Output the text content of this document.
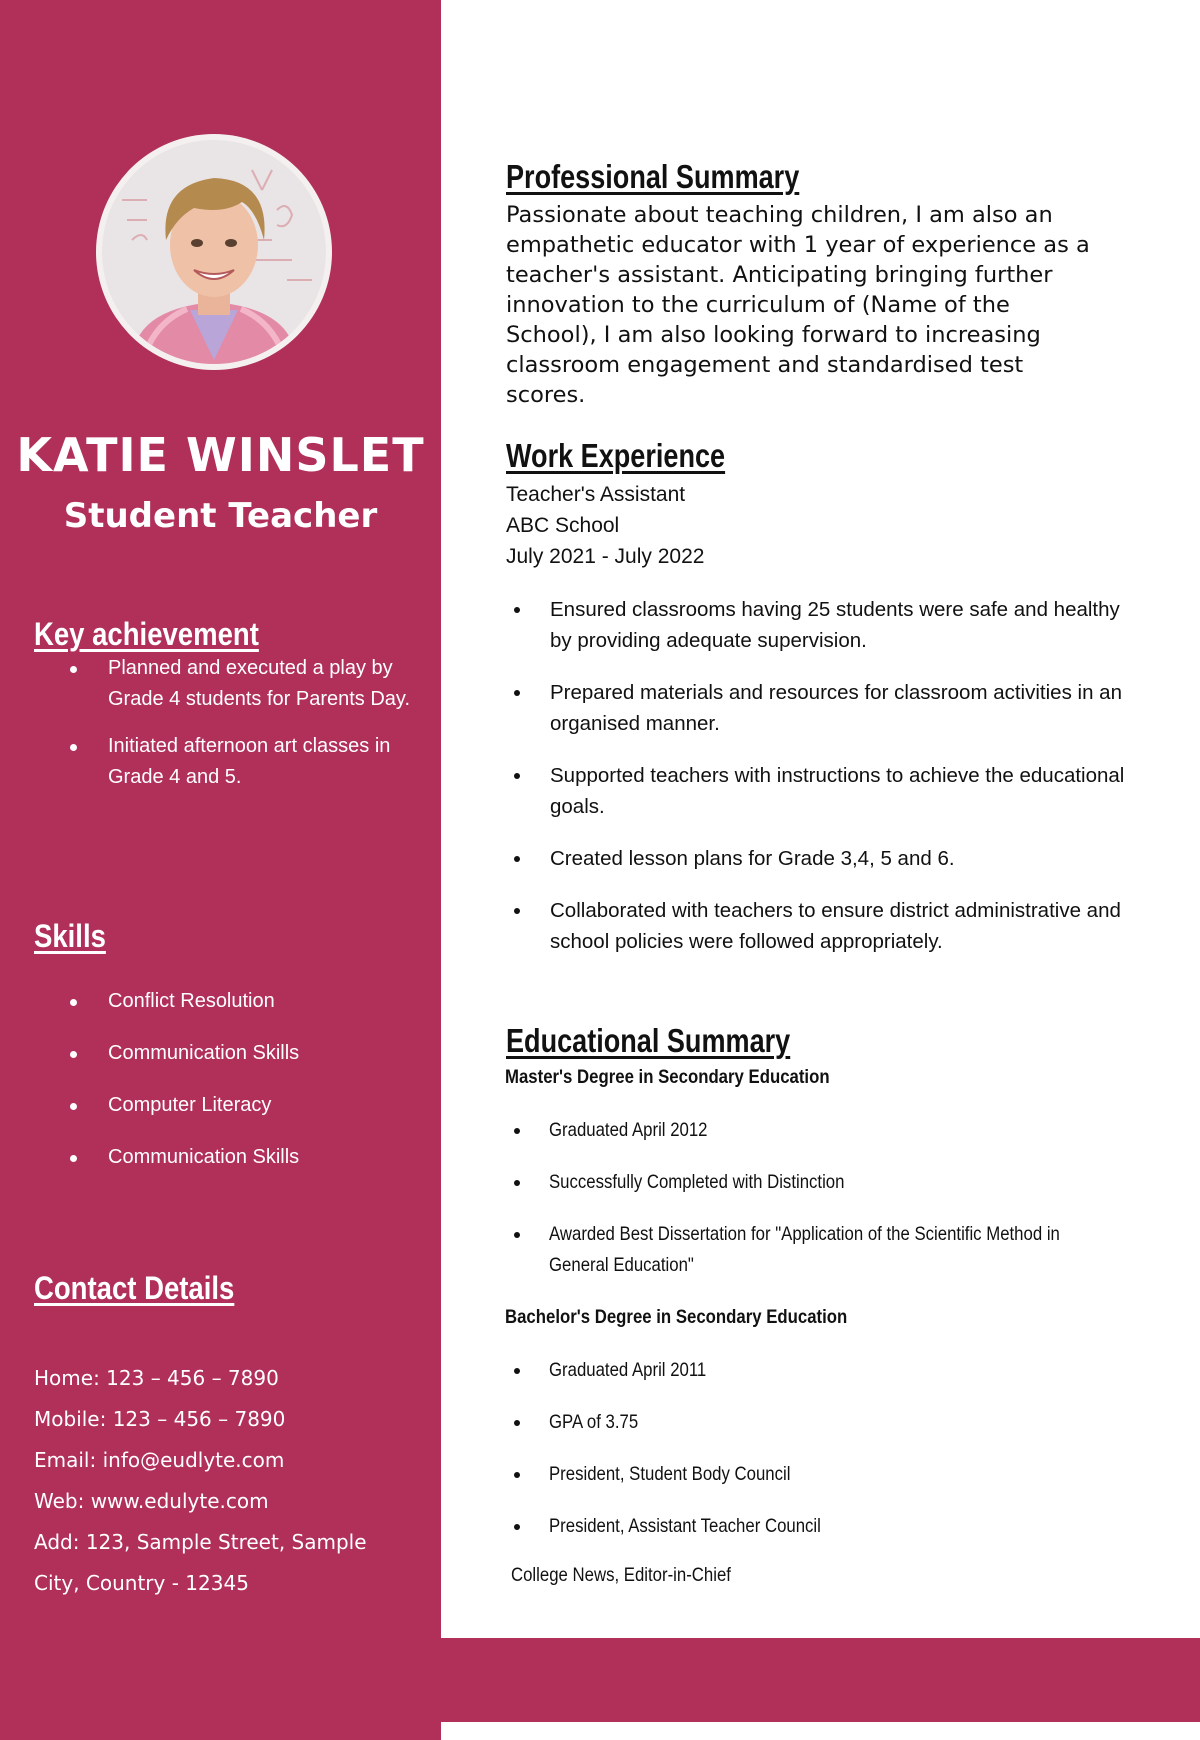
KATIE WINSLET
Student Teacher
Key achievement
Planned and executed a play by Grade 4 students for Parents Day.
Initiated afternoon art classes in Grade 4 and 5.
Skills
Conflict Resolution
Communication Skills
Computer Literacy
Communication Skills
Contact Details
Home: 123 – 456 – 7890
Mobile: 123 – 456 – 7890
Email: info@eudlyte.com
Web: www.edulyte.com
Add: 123, Sample Street, Sample City, Country - 12345
Professional Summary

Passionate about teaching children, I am also an empathetic educator with 1 year of experience as a teacher's assistant. Anticipating bringing further innovation to the curriculum of (Name of the School), I am also looking forward to increasing classroom engagement and standardised test scores.

Work Experience
Teacher's Assistant
ABC School
July 2021 - July 2022
Ensured classrooms having 25 students were safe and healthy by providing adequate supervision.
Prepared materials and resources for classroom activities in an organised manner.
Supported teachers with instructions to achieve the educational goals.
Created lesson plans for Grade 3,4, 5 and 6.
Collaborated with teachers to ensure district administrative and school policies were followed appropriately.
Educational Summary
Master's Degree in Secondary Education
Graduated April 2012
Successfully Completed with Distinction
Awarded Best Dissertation for "Application of the Scientific Method in General Education"
Bachelor's Degree in Secondary Education
Graduated April 2011
GPA of 3.75
President, Student Body Council
President, Assistant Teacher Council
College News, Editor-in-Chief
